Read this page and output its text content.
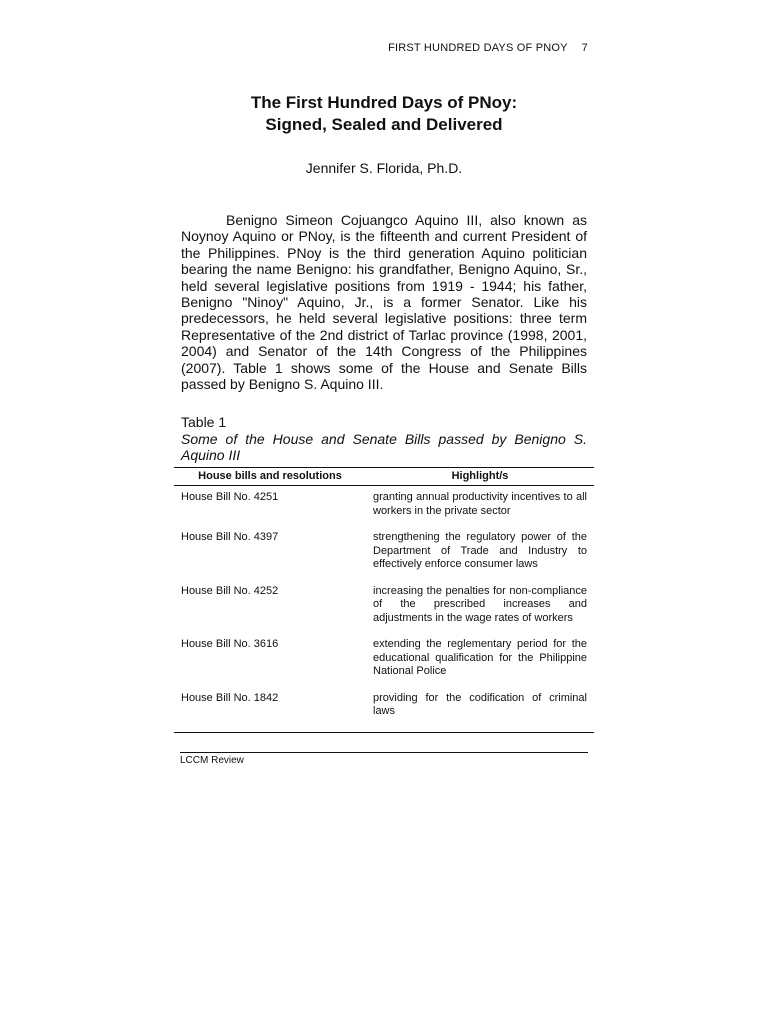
FIRST HUNDRED DAYS OF PNOY 7
The First Hundred Days of PNoy:
Signed, Sealed and Delivered
Jennifer S. Florida, Ph.D.

Benigno Simeon Cojuangco Aquino III, also known as Noynoy Aquino or PNoy, is the fifteenth and current President of the Philippines. PNoy is the third generation Aquino politician bearing the name Benigno: his grandfather, Benigno Aquino, Sr., held several legislative positions from 1919 - 1944; his father, Benigno "Ninoy" Aquino, Jr., is a former Senator. Like his predecessors, he held several legislative positions: three term Representative of the 2nd district of Tarlac province (1998, 2001, 2004) and Senator of the 14th Congress of the Philippines (2007). Table 1 shows some of the House and Senate Bills passed by Benigno S. Aquino III.

Table 1
Some of the House and Senate Bills passed by Benigno S. Aquino III
House bills and resolutions	Highlight/s
House Bill No. 4251	granting annual productivity incentives to all workers in the private sector
House Bill No. 4397	strengthening the regulatory power of the Department of Trade and Industry to effectively enforce consumer laws
House Bill No. 4252	increasing the penalties for non-compliance of the prescribed increases and adjustments in the wage rates of workers
House Bill No. 3616	extending the reglementary period for the educational qualification for the Philippine National Police
House Bill No. 1842	providing for the codification of criminal laws
LCCM Review
